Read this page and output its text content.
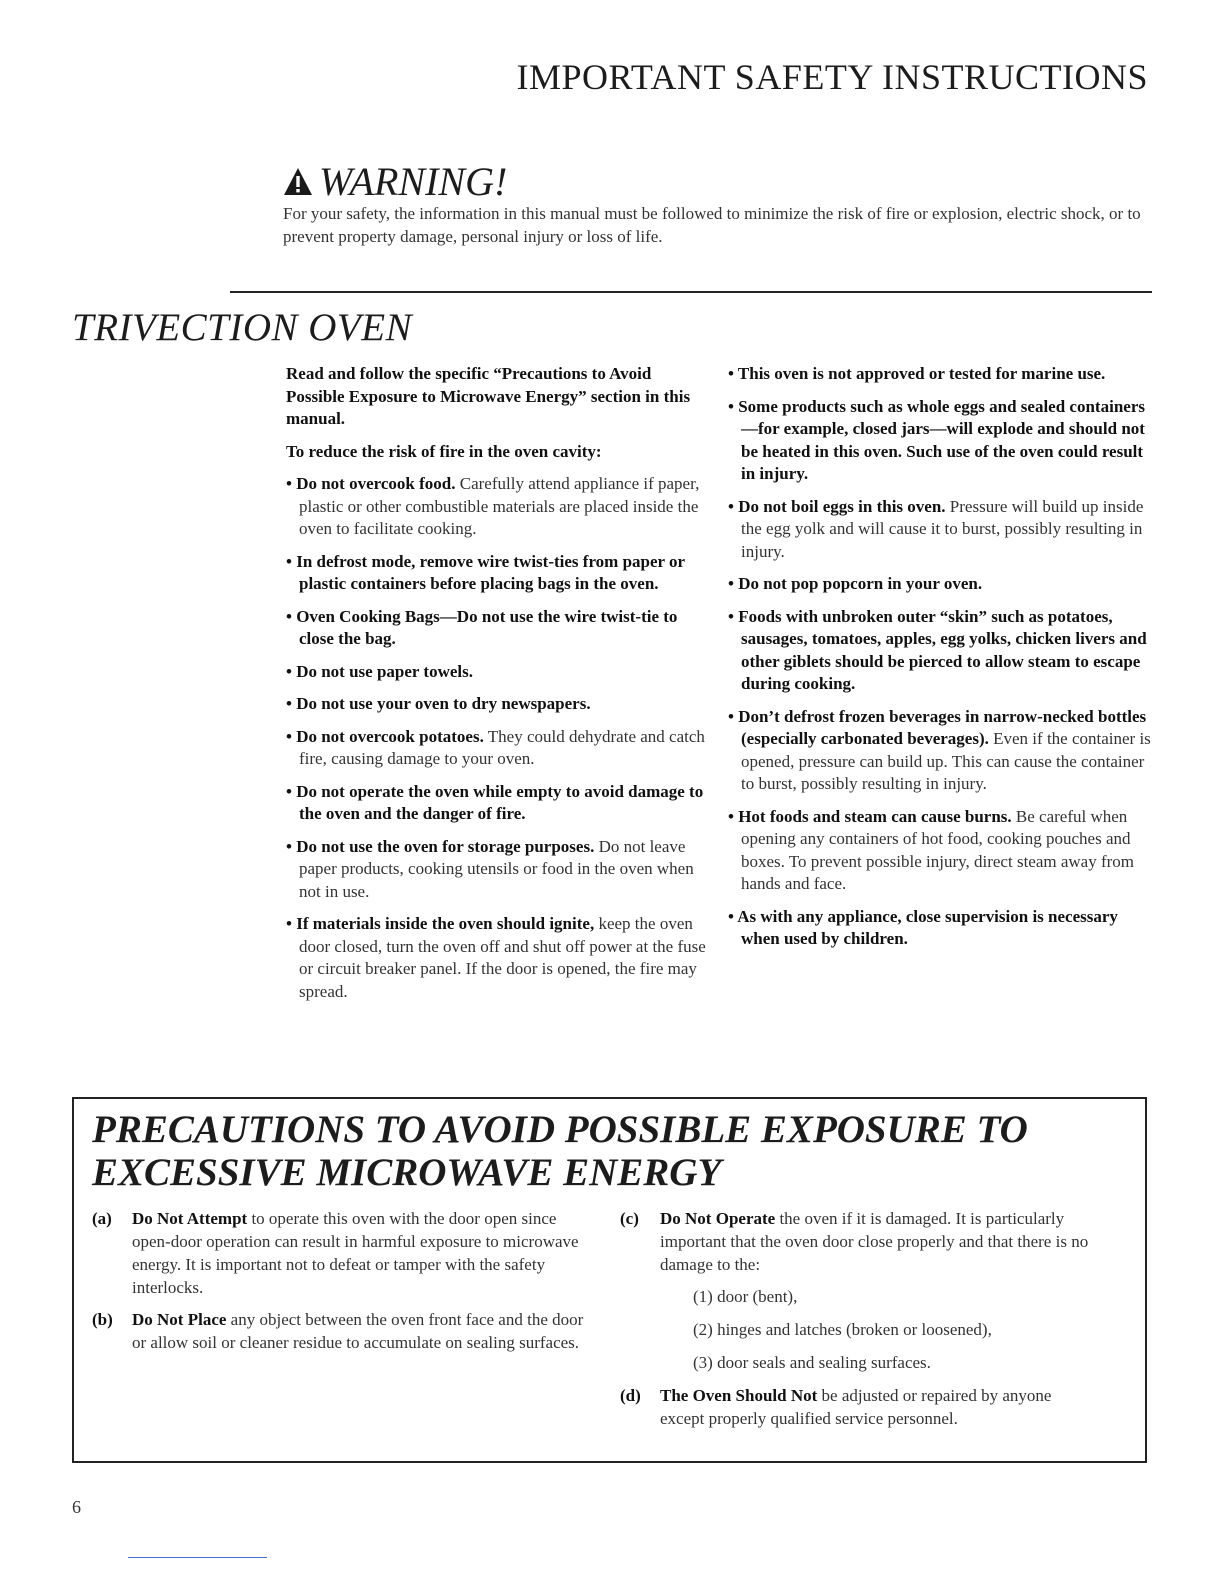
IMPORTANT SAFETY INSTRUCTIONS
WARNING!
For your safety, the information in this manual must be followed to minimize the risk of fire or explosion, electric shock, or to prevent property damage, personal injury or loss of life.
TRIVECTION OVEN

Read and follow the specific “Precautions to Avoid Possible Exposure to Microwave Energy” section in this manual.

To reduce the risk of fire in the oven cavity:

• Do not overcook food. Carefully attend appliance if paper, plastic or other combustible materials are placed inside the oven to facilitate cooking.
• In defrost mode, remove wire twist-ties from paper or plastic containers before placing bags in the oven.
• Oven Cooking Bags—Do not use the wire twist-tie to close the bag.
• Do not use paper towels.
• Do not use your oven to dry newspapers.
• Do not overcook potatoes. They could dehydrate and catch fire, causing damage to your oven.
• Do not operate the oven while empty to avoid damage to the oven and the danger of fire.
• Do not use the oven for storage purposes. Do not leave paper products, cooking utensils or food in the oven when not in use.
• If materials inside the oven should ignite, keep the oven door closed, turn the oven off and shut off power at the fuse or circuit breaker panel. If the door is opened, the fire may spread.
• This oven is not approved or tested for marine use.
• Some products such as whole eggs and sealed containers—for example, closed jars—will explode and should not be heated in this oven. Such use of the oven could result in injury.
• Do not boil eggs in this oven. Pressure will build up inside the egg yolk and will cause it to burst, possibly resulting in injury.
• Do not pop popcorn in your oven.
• Foods with unbroken outer “skin” such as potatoes, sausages, tomatoes, apples, egg yolks, chicken livers and other giblets should be pierced to allow steam to escape during cooking.
• Don’t defrost frozen beverages in narrow-necked bottles (especially carbonated beverages). Even if the container is opened, pressure can build up. This can cause the container to burst, possibly resulting in injury.
• Hot foods and steam can cause burns. Be careful when opening any containers of hot food, cooking pouches and boxes. To prevent possible injury, direct steam away from hands and face.
• As with any appliance, close supervision is necessary when used by children.
PRECAUTIONS TO AVOID POSSIBLE EXPOSURE TO EXCESSIVE MICROWAVE ENERGY
(a) Do Not Attempt to operate this oven with the door open since open-door operation can result in harmful exposure to microwave energy. It is important not to defeat or tamper with the safety interlocks.
(b) Do Not Place any object between the oven front face and the door or allow soil or cleaner residue to accumulate on sealing surfaces.
(c) Do Not Operate the oven if it is damaged. It is particularly important that the oven door close properly and that there is no damage to the:
(1) door (bent),
(2) hinges and latches (broken or loosened),
(3) door seals and sealing surfaces.
(d) The Oven Should Not be adjusted or repaired by anyone except properly qualified service personnel.
6
